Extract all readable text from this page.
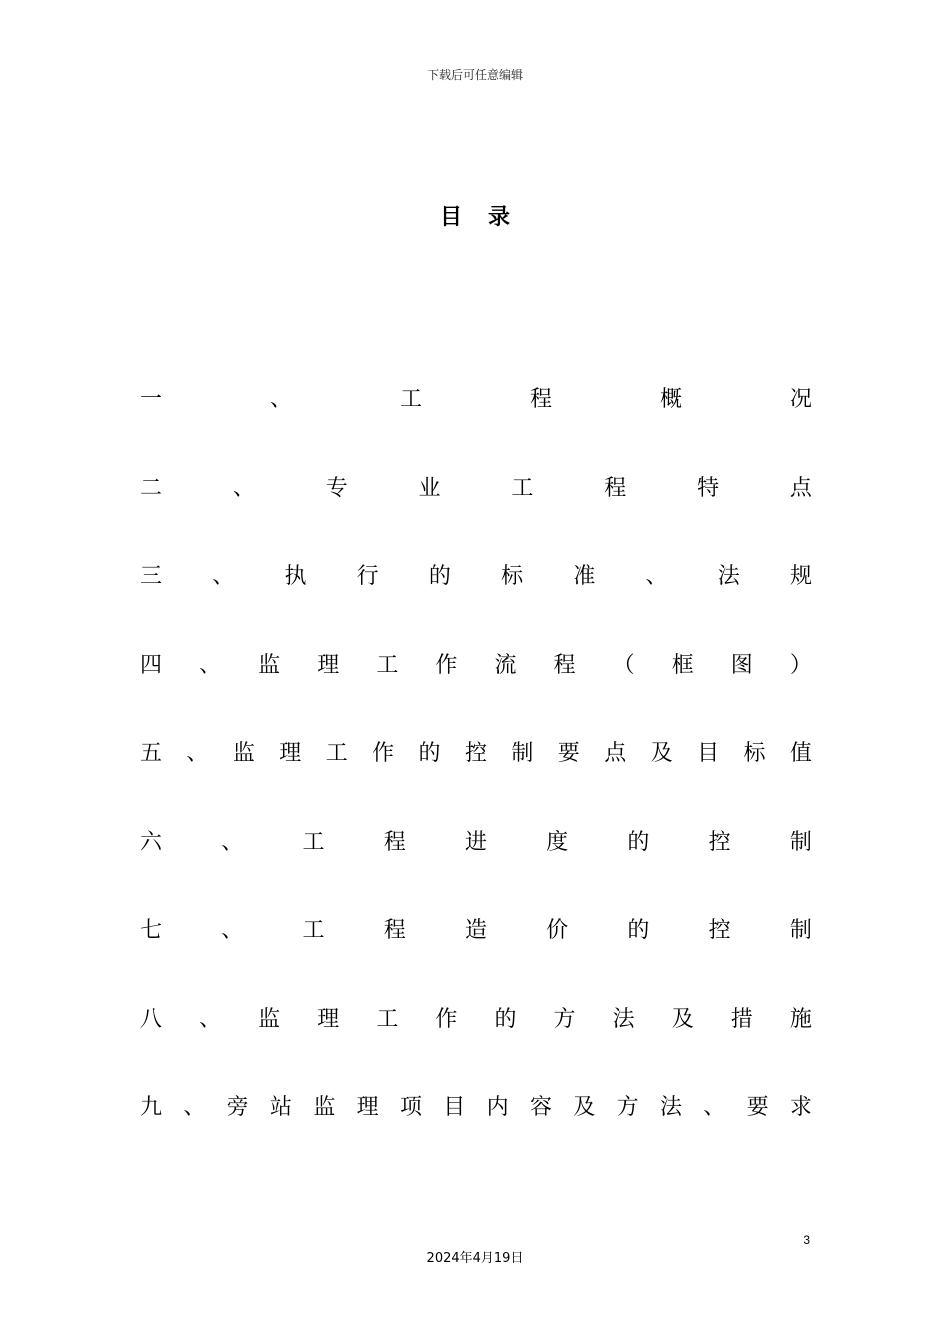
下载后可任意编辑
目录
一	、	工	程	概	况
二 、 专 业 工 程 特 点
三 、 执 行 的 标 准 、 法 规
四 、 监 理 工 作 流 程 （ 框 图 ）
五 、 监 理 工 作 的 控 制 要 点 及 目 标 值
六 、 工 程 进 度 的 控 制
七 、 工 程 造 价 的 控 制
八 、 监 理 工 作 的 方 法 及 措 施
九 、 旁 站 监 理 项 目 内 容 及 方 法 、 要 求
3
2024年4月19日
